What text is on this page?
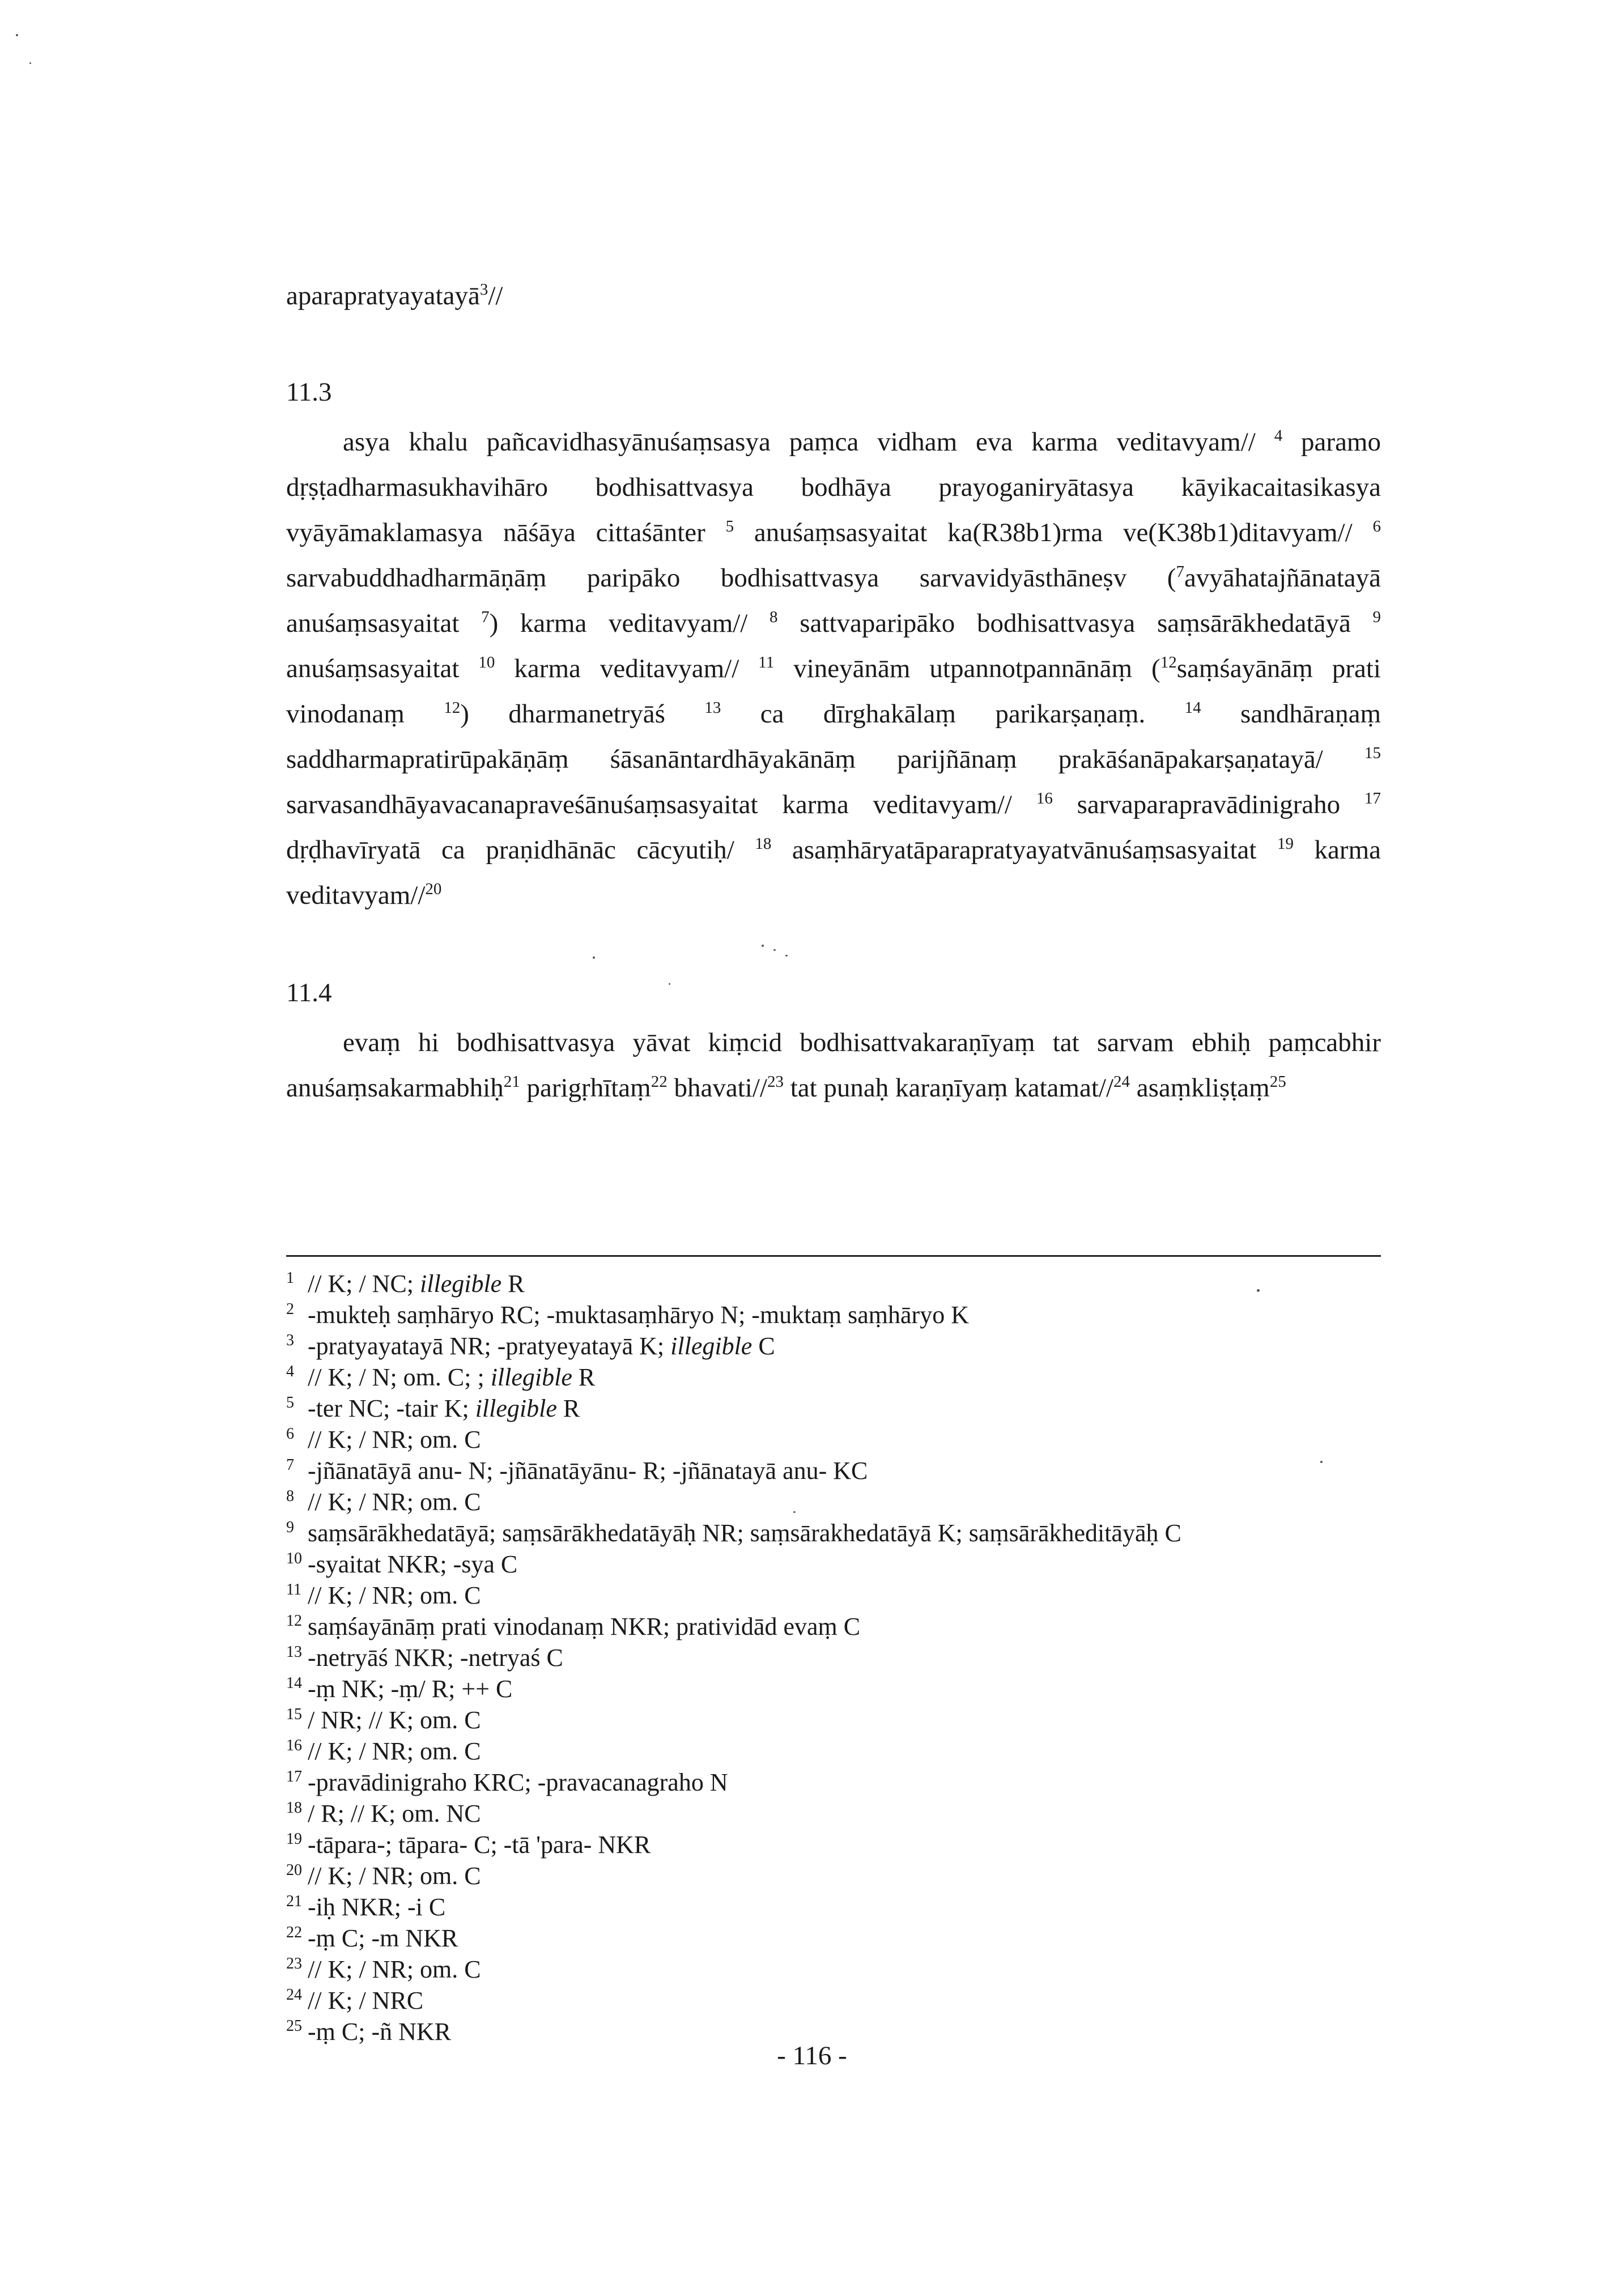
aparapratyayatayā$^3$//
11.3
asya khalu pañcavidhasyānuśaṃsasya paṃca vidham eva karma veditavyam// $^4$ paramo dṛṣṭadharmasukhavihāro bodhisattvasya bodhāya prayoganiryātasya kāyikacaitasikasya vyāyāmaklamasya nāśāya cittaśānter $^5$ anuśaṃsasyaitat ka(R38b1)rma ve(K38b1)ditavyam// $^6$ sarvabuddhadharmāṇāṃ paripāko bodhisattvasya sarvavidyāsthāneṣv ($^7$avyāhatajñānatayā anuśaṃsasyaitat $^7$) karma veditavyam// $^8$ sattvaparipāko bodhisattvasya saṃsārākhedatāyā $^9$ anuśaṃsasyaitat $^{10}$ karma veditavyam// $^{11}$ vineyānām utpannotpannānāṃ ($^{12}$saṃśayānāṃ prati vinodanaṃ $^{12}$) dharmanetryāś $^{13}$ ca dīrghakālaṃ parikarṣaṇaṃ. $^{14}$ sandhāraṇaṃ saddharmapratirūpakāṇāṃ śāsanāntardhāyakānāṃ parijñānaṃ prakāśanāpakarṣaṇatayā/ $^{15}$ sarvasandhāyavacanapraveśānuśaṃsasyaitat karma veditavyam// $^{16}$ sarvaparapravādinigraho $^{17}$ dṛḍhavīryatā ca praṇidhānāc cācyutiḥ/ $^{18}$ asaṃhāryatāparapratyayatvānuśaṃsasyaitat $^{19}$ karma veditavyam//$^{20}$
11.4
evaṃ hi bodhisattvasya yāvat kiṃcid bodhisattvakaraṇīyaṃ tat sarvam ebhiḥ paṃcabhir anuśaṃsakarmabhiḥ$^{21}$ parigṛhītaṃ$^{22}$ bhavati//$^{23}$ tat punaḥ karaṇīyaṃ katamat//$^{24}$ asaṃkliṣṭaṃ$^{25}$
1 // K; / NC; illegible R
2 -mukteḥ saṃhāryo RC; -muktasaṃhāryo N; -muktaṃ saṃhāryo K
3 -pratyayatayā NR; -pratyeyatayā K; illegible C
4 // K; / N; om. C; ; illegible R
5 -ter NC; -tair K; illegible R
6 // K; / NR; om. C
7 -jñānatāyā anu- N; -jñānatāyānu- R; -jñānatayā anu- KC
8 // K; / NR; om. C
9 saṃsārākhedatāyā; saṃsārākhedatāyāḥ NR; saṃsārakhedatāyā K; saṃsārākheditāyāḥ C
10 -syaitat NKR; -sya C
11 // K; / NR; om. C
12 saṃśayānāṃ prati vinodanaṃ NKR; pratividād evaṃ C
13 -netryāś NKR; -netryaś C
14 -ṃ NK; -ṃ/ R; ++ C
15 / NR; // K; om. C
16 // K; / NR; om. C
17 -pravādinigraho KRC; -pravacanagraho N
18 / R; // K; om. NC
19 -tāpara-; tāpara- C; -tā 'para- NKR
20 // K; / NR; om. C
21 -iḥ NKR; -i C
22 -ṃ C; -m NKR
23 // K; / NR; om. C
24 // K; / NRC
25 -ṃ C; -ñ NKR
- 116 -
